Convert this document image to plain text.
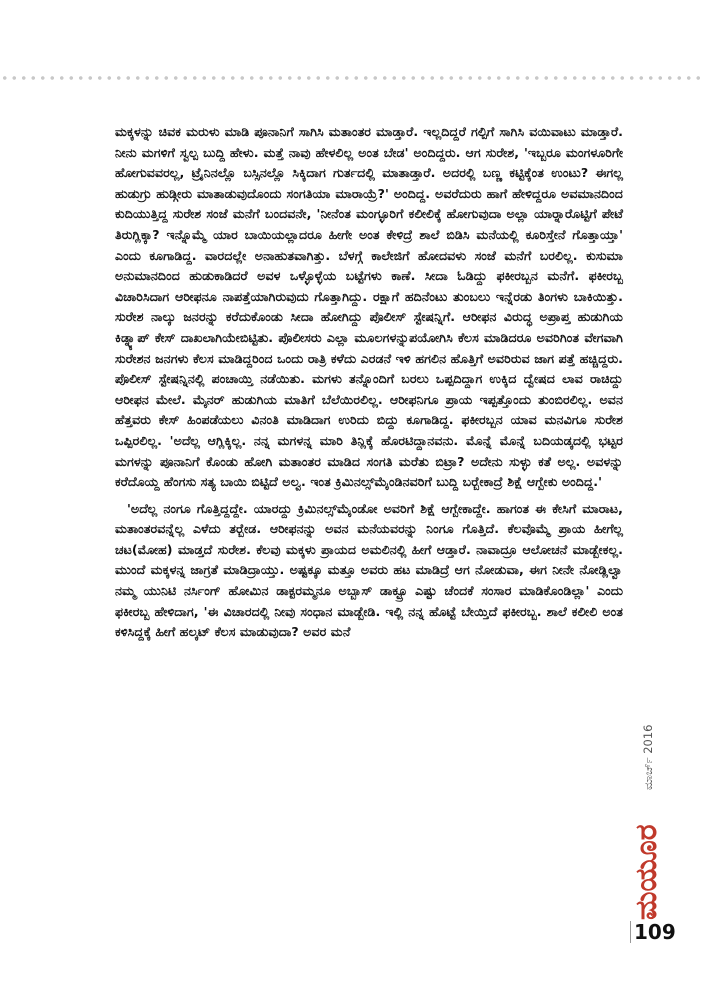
ಮಕ್ಕಳನ್ನು ಚಿವಕ ಮರುಳು ಮಾಡಿ ಪೂನಾನಿಗೆ ಸಾಗಿಸಿ ಮತಾಂತರ ಮಾಡ್ತಾರೆ. ಇಲ್ಲದಿದ್ದರೆ ಗಲ್ಪಿಗೆ ಸಾಗಿಸಿ ವಯಿವಾಟು ಮಾಡ್ತಾರೆ. ನೀನು ಮಗಳಿಗೆ ಸ್ವಲ್ಪ ಬುದ್ದಿ ಹೇಳು. ಮತ್ತೆ ನಾವು ಹೇಳಲಿಲ್ಲ ಅಂತ ಬೇಡ' ಅಂದಿದ್ದರು. ಆಗ ಸುರೇಶ, 'ಇಬ್ಬರೂ ಮಂಗಳೂರಿಗೇ ಹೋಗುವವರಲ್ಲ, ಟ್ರೈನಿನಲ್ಲೊ ಬಸ್ಸಿನಲ್ಲೊ ಸಿಕ್ಕಿದಾಗ ಗುರ್ತದಲ್ಲಿ ಮಾತಾಡ್ತಾರೆ. ಅದರಲ್ಲಿ ಬಣ್ಣ ಕಟ್ಟಿಕ್ಕೆಂತ ಉಂಟು? ಈಗಲ್ಲ ಹುಡುಗ್ರು ಹುಡ್ಗೀರು ಮಾತಾಡುವುದೊಂದು ಸಂಗತಿಯಾ ಮಾರಾಯ್ರೆ?' ಅಂದಿದ್ದ. ಅವರೆದುರು ಹಾಗೆ ಹೇಳಿದ್ದರೂ ಅವಮಾನದಿಂದ ಕುದಿಯುತ್ತಿದ್ದ ಸುರೇಶ ಸಂಜೆ ಮನೆಗೆ ಬಂದವನೇ, 'ನೀನೆಂತ ಮಂಗ್ಳೂರಿಗೆ ಕಲೀಲಿಕ್ಕೆ ಹೋಗುವುದಾ ಅಲ್ಲಾ ಯಾರ್‍ನಾರೊಟ್ಟಿಗೆ ಪೇಟೆ ತಿರುಗ್ಲಿಕ್ಕಾ? ಇನ್ನೊಮ್ಮೆ ಯಾರ ಬಾಯಿಯಲ್ಲಾದರೂ ಹೀಗೇ ಅಂತ ಕೇಳಿದ್ರೆ ಶಾಲೆ ಬಿಡಿಸಿ ಮನೆಯಲ್ಲಿ ಕೂರಿಸ್ತೇನೆ ಗೊತ್ತಾಯ್ತಾ' ಎಂದು ಕೂಗಾಡಿದ್ದ. ವಾರದಲ್ಲೇ ಅನಾಹುತವಾಗಿತ್ತು. ಬೆಳಗ್ಗೆ ಕಾಲೇಜಿಗೆ ಹೋದವಳು ಸಂಜೆ ಮನೆಗೆ ಬರಲಿಲ್ಲ. ಕುಸುಮಾ ಅನುಮಾನದಿಂದ ಹುಡುಕಾಡಿದರೆ ಅವಳ ಒಳ್ಳೊಳ್ಳೆಯ ಬಟ್ಟೆಗಳು ಕಾಣೆ. ಸೀದಾ ಓಡಿದ್ದು ಫಕೀರಬ್ಬನ ಮನೆಗೆ. ಫಕೀರಬ್ಬ ವಿಚಾರಿಸಿದಾಗ ಆರೀಫನೂ ನಾಪತ್ತೆಯಾಗಿರುವುದು ಗೊತ್ತಾಗಿದ್ದು. ರಕ್ಷಾಗೆ ಹದಿನೆಂಟು ತುಂಬಲು ಇನ್ನೆರಡು ತಿಂಗಳು ಬಾಕಿಯಿತ್ತು. ಸುರೇಶ ನಾಲ್ಕು ಜನರನ್ನು ಕರೆದುಕೊಂಡು ಸೀದಾ ಹೋಗಿದ್ದು ಪೊಲೀಸ್ ಸ್ಟೇಷನ್ನಿಗೆ. ಆರೀಫನ ವಿರುದ್ಧ ಅಪ್ರಾಪ್ತ ಹುಡುಗಿಯ ಕಿಡ್ನ್ಯಾಪ್ ಕೇಸ್ ದಾಖಲಾಗಿಯೇಬಿಟ್ಟಿತು. ಪೊಲೀಸರು ಎಲ್ಲಾ ಮೂಲಗಳನ್ನುಪಯೋಗಿಸಿ ಕೆಲಸ ಮಾಡಿದರೂ ಅವರಿಗಿಂತ ವೇಗವಾಗಿ ಸುರೇಶನ ಜನಗಳು ಕೆಲಸ ಮಾಡಿದ್ದರಿಂದ ಒಂದು ರಾತ್ರಿ ಕಳೆದು ಎರಡನೆ ಇಳಿ ಹಗಲಿನ ಹೊತ್ತಿಗೆ ಅವರಿರುವ ಜಾಗ ಪತ್ತೆ ಹಚ್ಚಿದ್ದರು. ಪೊಲೀಸ್ ಸ್ಟೇಷನ್ನಿನಲ್ಲಿ ಪಂಚಾಯ್ತಿ ನಡೆಯಿತು. ಮಗಳು ತನ್ನೊಂದಿಗೆ ಬರಲು ಒಪ್ಪದಿದ್ದಾಗ ಉಕ್ಕಿದ ದ್ವೇಷದ ಲಾವ ರಾಚಿದ್ದು ಆರೀಫನ ಮೇಲೆ. ಮೈನರ್ ಹುಡುಗಿಯ ಮಾತಿಗೆ ಬೆಲೆಯಿರಲಿಲ್ಲ. ಆರೀಫನಿಗೂ ಪ್ರಾಯ ಇಪ್ಪತ್ತೊಂದು ತುಂಬಿರಲಿಲ್ಲ. ಅವನ ಹೆತ್ತವರು ಕೇಸ್ ಹಿಂಪಡೆಯಲು ವಿನಂತಿ ಮಾಡಿದಾಗ ಉರಿದು ಬಿದ್ದು ಕೂಗಾಡಿದ್ದ. ಫಕೀರಬ್ಬನ ಯಾವ ಮನವಿಗೂ ಸುರೇಶ ಒಪ್ಪಿರಲಿಲ್ಲ. 'ಅದೆಲ್ಲ ಆಗ್ಲಿಕ್ಕಿಲ್ಲ. ನನ್ನ ಮಗಳನ್ನ ಮಾರಿ ತಿನ್ಲಿಕ್ಕೆ ಹೊರಟಿದ್ದಾನವನು. ಮೊನ್ನೆ ಮೊನ್ನೆ ಬದಿಯಡ್ಕದಲ್ಲಿ ಭಟ್ಟರ ಮಗಳನ್ನು ಪೂನಾನಿಗೆ ಕೊಂಡು ಹೋಗಿ ಮತಾಂತರ ಮಾಡಿದ ಸಂಗತಿ ಮರೆತು ಬಿಟ್ರಾ? ಅದೇನು ಸುಳ್ಳು ಕತೆ ಅಲ್ಲ. ಅವಳನ್ನು ಕರೆದೊಯ್ದ ಹೆಂಗಸು ಸತ್ಯ ಬಾಯಿ ಬಿಟ್ಟಿದೆ ಅಲ್ವ. ಇಂತ ಕ್ರಿಮಿನಲ್ಸ್‌ಮೈಂಡಿನವರಿಗೆ ಬುದ್ದಿ ಬರ್‍ಬೇಕಾದ್ರೆ ಶಿಕ್ಷೆ ಆಗ್ಬೇಕು ಅಂದಿದ್ದ.'

'ಅದೆಲ್ಲ ನಂಗೂ ಗೊತ್ತಿದ್ದದ್ದೇ. ಯಾರದ್ದು ಕ್ರಿಮಿನಲ್ಸ್‌ಮೈಂಡೋ ಅವರಿಗೆ ಶಿಕ್ಷೆ ಆಗ್ಬೇಕಾದ್ದೇ. ಹಾಗಂತ ಈ ಕೇಸಿಗೆ ಮಾರಾಟ, ಮತಾಂತರವನ್ನೆಲ್ಲ ಎಳೆದು ತರ್‍ಬೇಡ. ಆರೀಫನನ್ನು ಅವನ ಮನೆಯವರನ್ನು ನಿಂಗೂ ಗೊತ್ತಿದೆ. ಕೆಲವೊಮ್ಮೆ ಪ್ರಾಯ ಹೀಗೆಲ್ಲ ಚಟ(ಮೋಹ) ಮಾಡ್ತದೆ ಸುರೇಶ. ಕೆಲವು ಮಕ್ಕಳು ಪ್ರಾಯದ ಅಮಲಿನಲ್ಲಿ ಹೀಗೆ ಆಡ್ತಾರೆ. ನಾವಾದ್ರೂ ಆಲೋಚನೆ ಮಾಡ್ಬೇಕಲ್ಲ. ಮುಂದೆ ಮಕ್ಕಳನ್ನ ಜಾಗ್ರತೆ ಮಾಡಿದ್ರಾಯ್ತು. ಅಷ್ಟಕ್ಕೂ ಮತ್ತೂ ಅವರು ಹಟ ಮಾಡಿದ್ರೆ ಆಗ ನೋಡುವಾ, ಈಗ ನೀನೇ ನೋಡ್ಲಿಲ್ವಾ ನಮ್ಮ ಯುನಿಟಿ ನರ್ಸಿಂಗ್ ಹೋಮಿನ ಡಾಕ್ಟರಮ್ಮನೂ ಅಬ್ಬಾಸ್ ಡಾಕ್ಟ್ರೂ ಎಷ್ಟು ಚೆಂದಕೆ ಸಂಸಾರ ಮಾಡಿಕೊಂಡಿಲ್ಲಾ' ಎಂದು ಫಕೀರಬ್ಬ ಹೇಳಿದಾಗ, 'ಈ ವಿಚಾರದಲ್ಲಿ ನೀವು ಸಂಧಾನ ಮಾಡ್ಬೇಡಿ. ಇಲ್ಲಿ ನನ್ನ ಹೊಟ್ಟೆ ಬೇಯ್ತಿದೆ ಫಕೀರಬ್ಬ. ಶಾಲೆ ಕಲೀಲಿ ಅಂತ ಕಳಿಸಿದ್ದಕ್ಕೆ ಹೀಗೆ ಹಲ್ಕಟ್ ಕೆಲಸ ಮಾಡುವುದಾ? ಅವರ ಮನೆ

ಮಾರ್ಚ್ 2016
ಮಯೂರ
109
